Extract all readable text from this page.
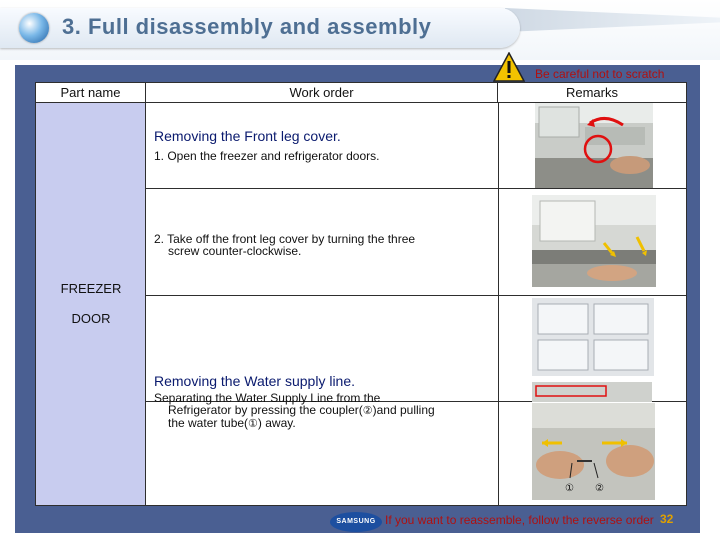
3. Full disassembly and assembly
Be careful not to scratch
Part name	Work order	Remarks
FREEZER
DOOR
Removing the Front leg cover.
1. Open the freezer and refrigerator doors.
2. Take off the front leg cover by turning the three
screw counter-clockwise.
Removing the Water supply line.
Separating the Water Supply Line from the
Refrigerator by pressing the coupler(②)and pulling
the water tube(①) away.
① ②
SAMSUNG If you want to reassemble, follow the reverse order 32
